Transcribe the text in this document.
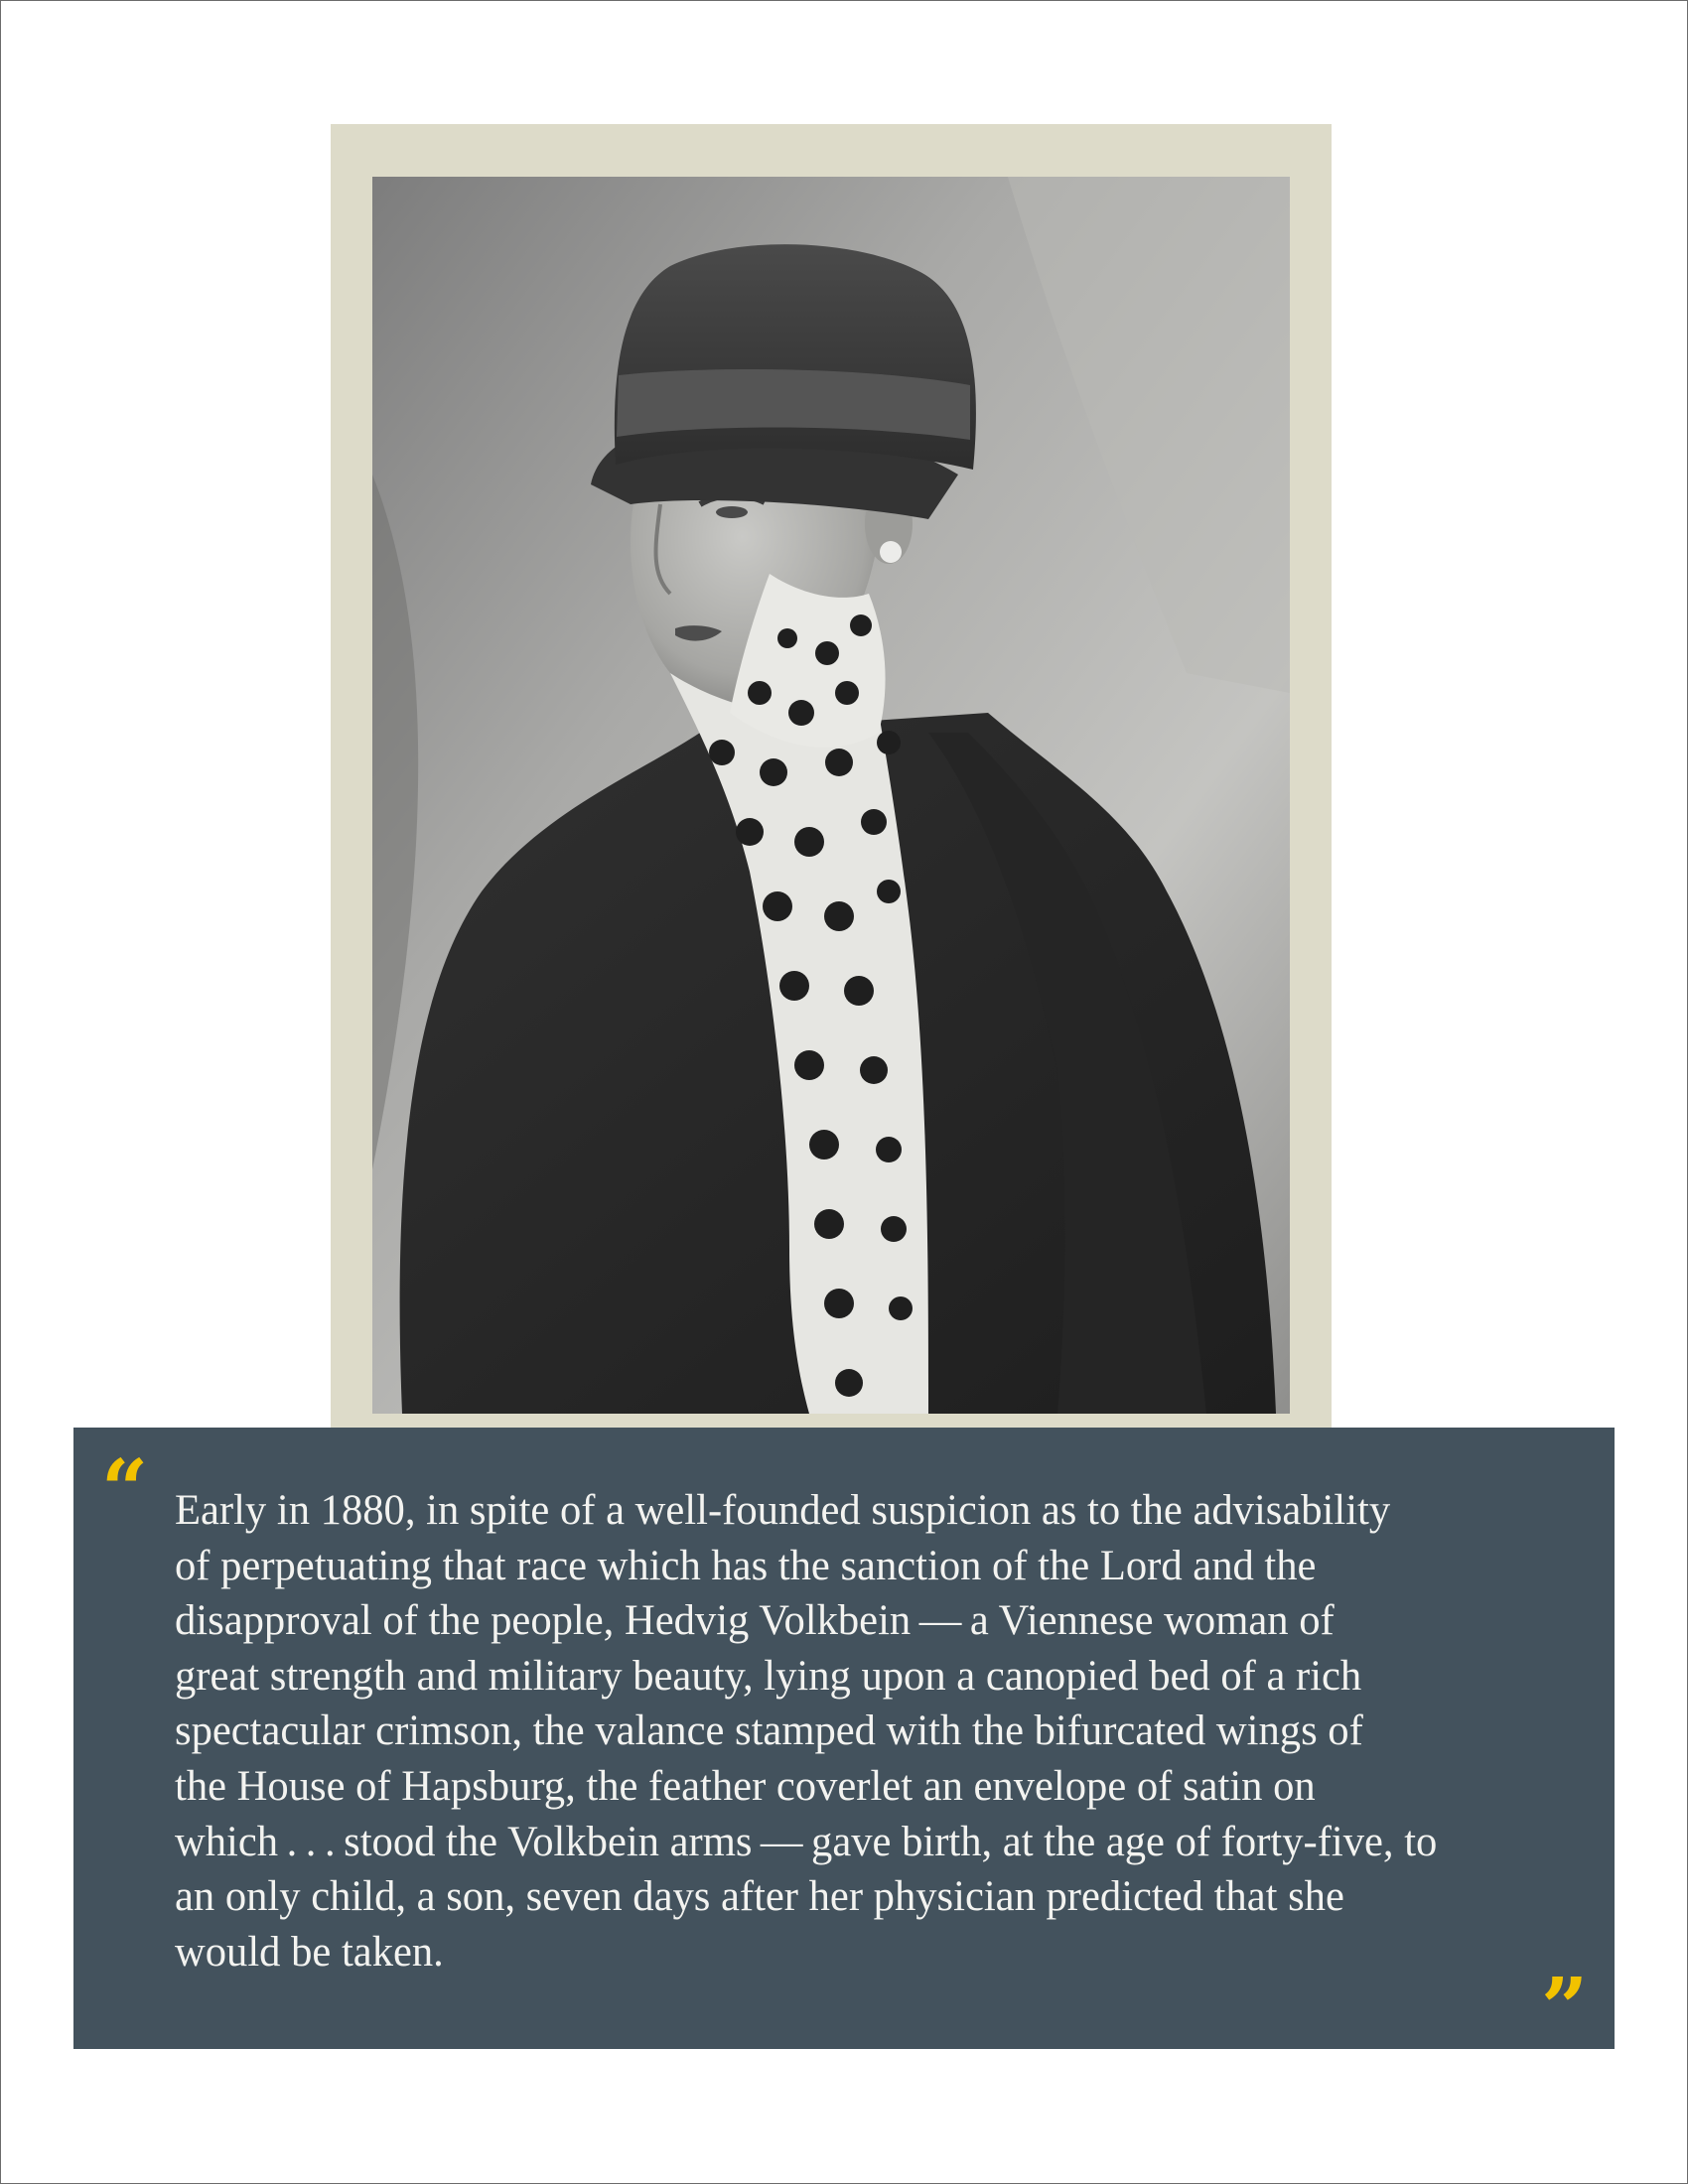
“ Early in 1880, in spite of a well-founded suspicion as to the advisability
of perpetuating that race which has the sanction of the Lord and the
disapproval of the people, Hedvig Volkbein — a Viennese woman of
great strength and military beauty, lying upon a canopied bed of a rich
spectacular crimson, the valance stamped with the bifurcated wings of
the House of Hapsburg, the feather coverlet an envelope of satin on
which . . . stood the Volkbein arms — gave birth, at the age of forty-five, to
an only child, a son, seven days after her physician predicted that she
would be taken.

”
